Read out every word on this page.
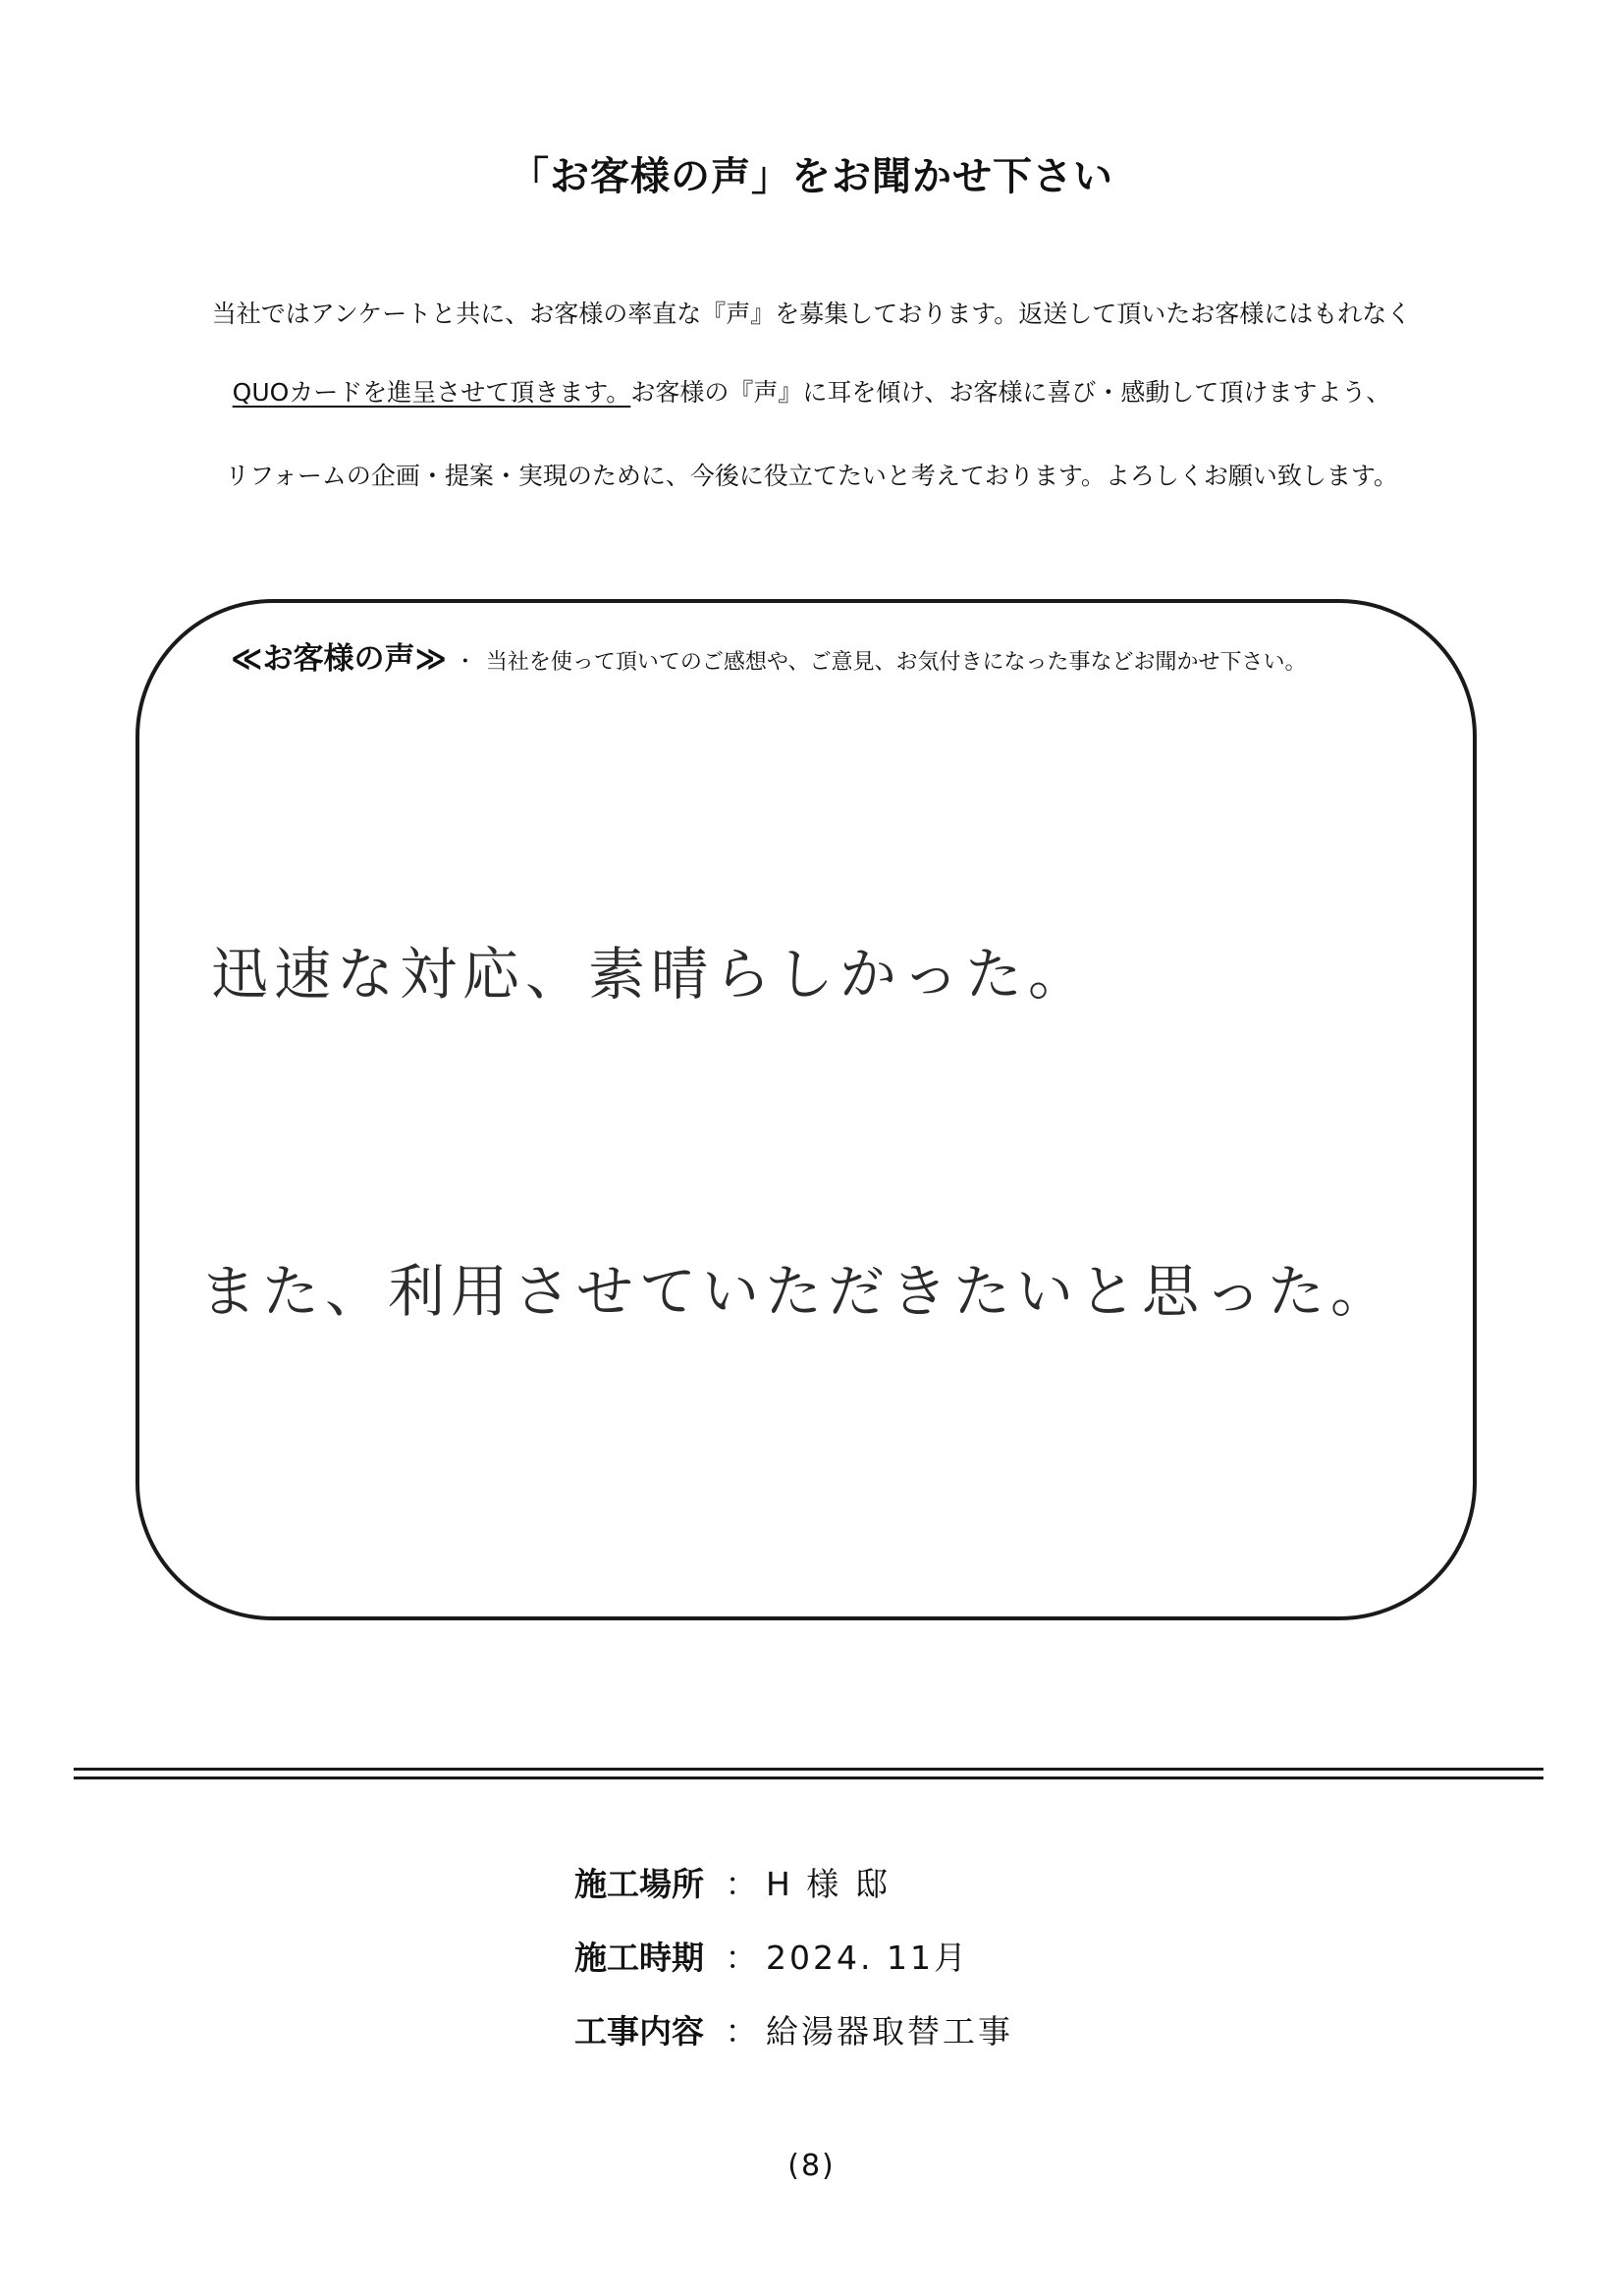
「お客様の声」をお聞かせ下さい
当社ではアンケートと共に、お客様の率直な『声』を募集しております。返送して頂いたお客様にはもれなく
QUOカードを進呈させて頂きます。お客様の『声』に耳を傾け、お客様に喜び・感動して頂けますよう、
リフォームの企画・提案・実現のために、今後に役立てたいと考えております。よろしくお願い致します。
≪お客様の声≫ ・ 当社を使って頂いてのご感想や、ご意見、お気付きになった事などお聞かせ下さい。
迅速な対応、素晴らしかった。
また、利用させていただきたいと思った。
施工場所 ： H 様 邸
施工時期 ： 2024. 11月
工事内容 ： 給湯器取替工事
(8)
